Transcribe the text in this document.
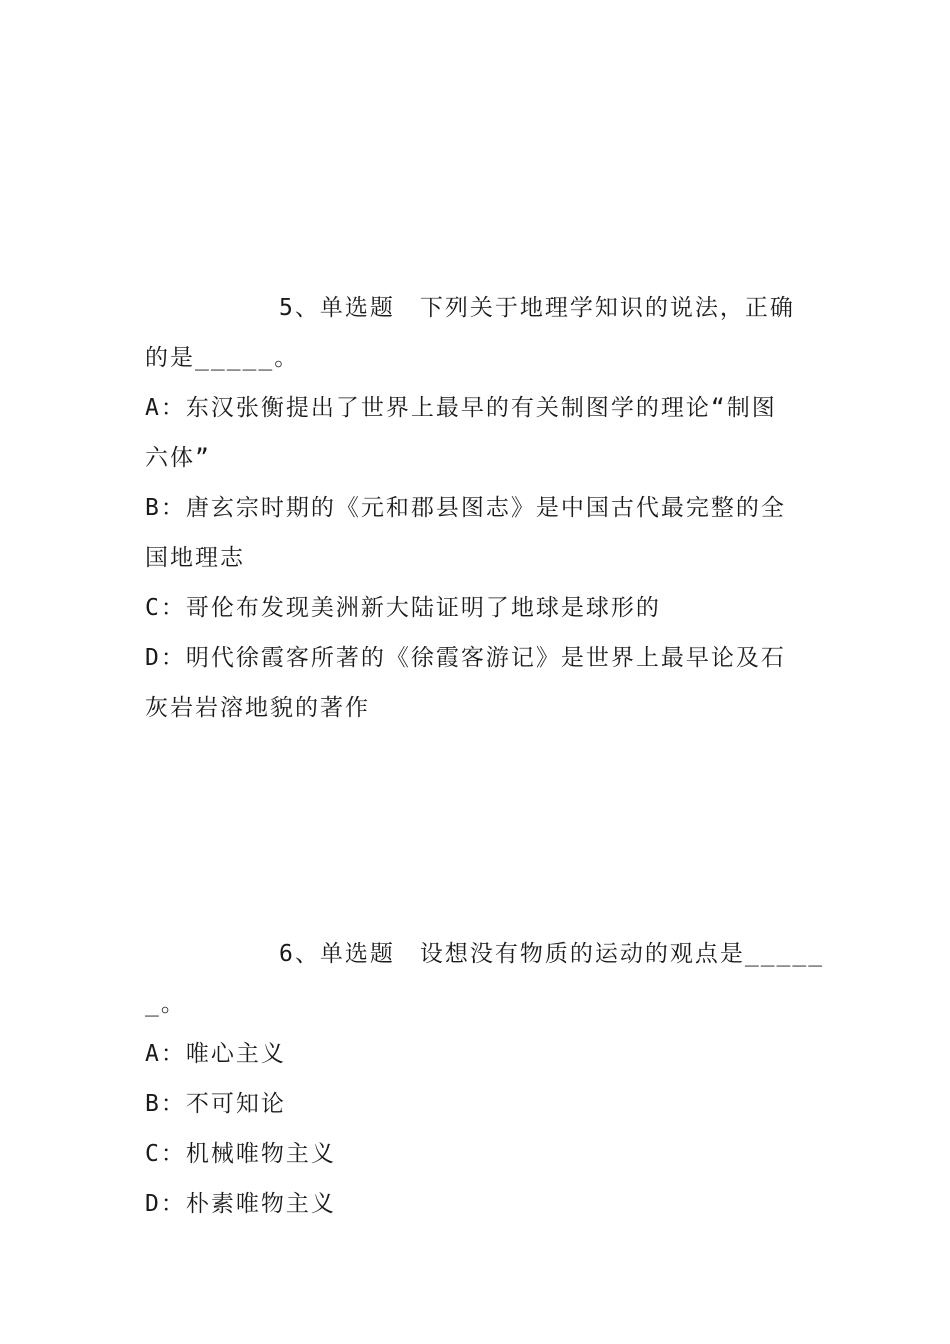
5、单选题　下列关于地理学知识的说法，正确
的是_____。
A：东汉张衡提出了世界上最早的有关制图学的理论“制图
六体”
B：唐玄宗时期的《元和郡县图志》是中国古代最完整的全
国地理志
C：哥伦布发现美洲新大陆证明了地球是球形的
D：明代徐霞客所著的《徐霞客游记》是世界上最早论及石
灰岩岩溶地貌的著作
6、单选题　设想没有物质的运动的观点是_____
_。
A：唯心主义
B：不可知论
C：机械唯物主义
D：朴素唯物主义
